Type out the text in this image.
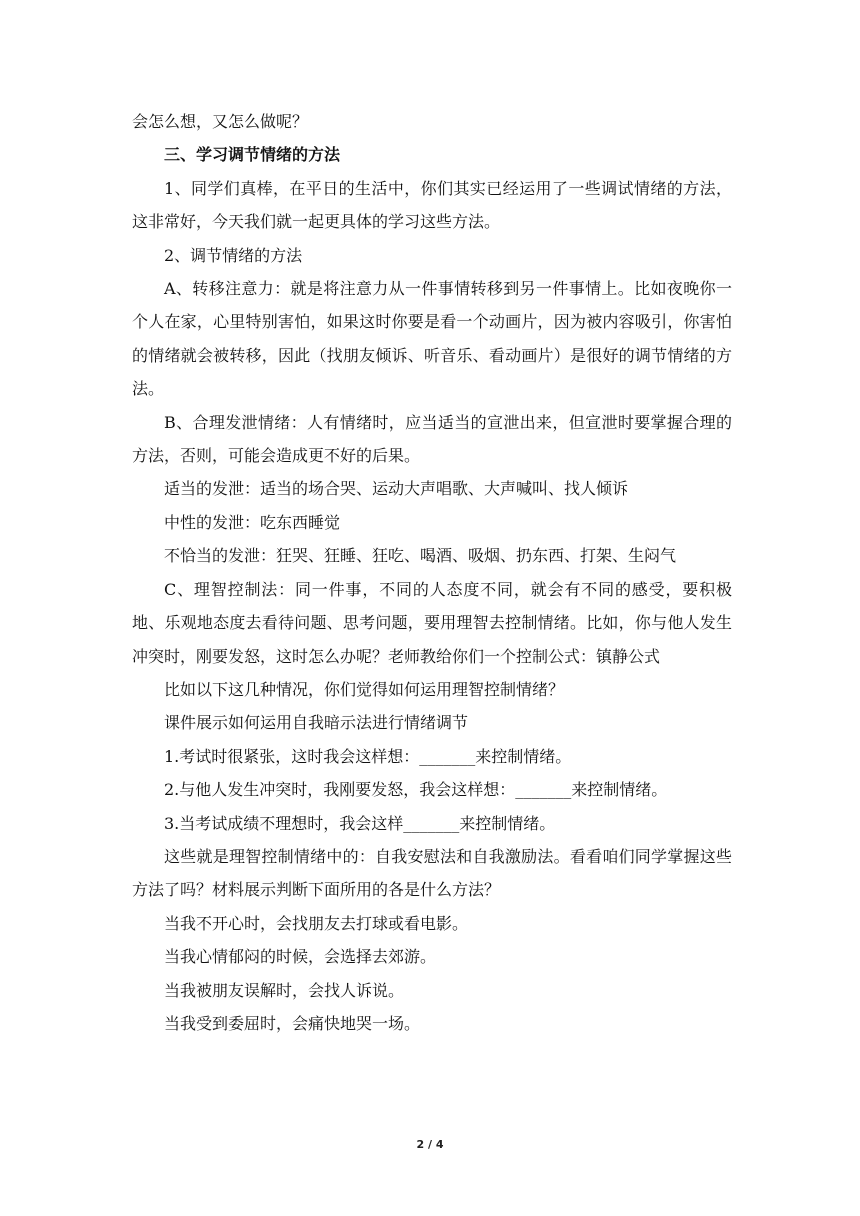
会怎么想，又怎么做呢？

三、学习调节情绪的方法

1、同学们真棒，在平日的生活中，你们其实已经运用了一些调试情绪的方法，这非常好，今天我们就一起更具体的学习这些方法。

2、调节情绪的方法

A、转移注意力：就是将注意力从一件事情转移到另一件事情上。比如夜晚你一个人在家，心里特别害怕，如果这时你要是看一个动画片，因为被内容吸引，你害怕的情绪就会被转移，因此（找朋友倾诉、听音乐、看动画片）是很好的调节情绪的方法。

B、合理发泄情绪：人有情绪时，应当适当的宣泄出来，但宣泄时要掌握合理的方法，否则，可能会造成更不好的后果。

适当的发泄：适当的场合哭、运动大声唱歌、大声喊叫、找人倾诉

中性的发泄：吃东西睡觉

不恰当的发泄：狂哭、狂睡、狂吃、喝酒、吸烟、扔东西、打架、生闷气

C、理智控制法：同一件事，不同的人态度不同，就会有不同的感受，要积极地、乐观地态度去看待问题、思考问题，要用理智去控制情绪。比如，你与他人发生冲突时，刚要发怒，这时怎么办呢？老师教给你们一个控制公式：镇静公式

比如以下这几种情况，你们觉得如何运用理智控制情绪？

课件展示如何运用自我暗示法进行情绪调节

1.考试时很紧张，这时我会这样想：_______来控制情绪。

2.与他人发生冲突时，我刚要发怒，我会这样想：_______来控制情绪。

3.当考试成绩不理想时，我会这样_______来控制情绪。

这些就是理智控制情绪中的：自我安慰法和自我激励法。看看咱们同学掌握这些方法了吗？材料展示判断下面所用的各是什么方法？

当我不开心时，会找朋友去打球或看电影。

当我心情郁闷的时候，会选择去郊游。

当我被朋友误解时，会找人诉说。

当我受到委屈时，会痛快地哭一场。

2 / 4
